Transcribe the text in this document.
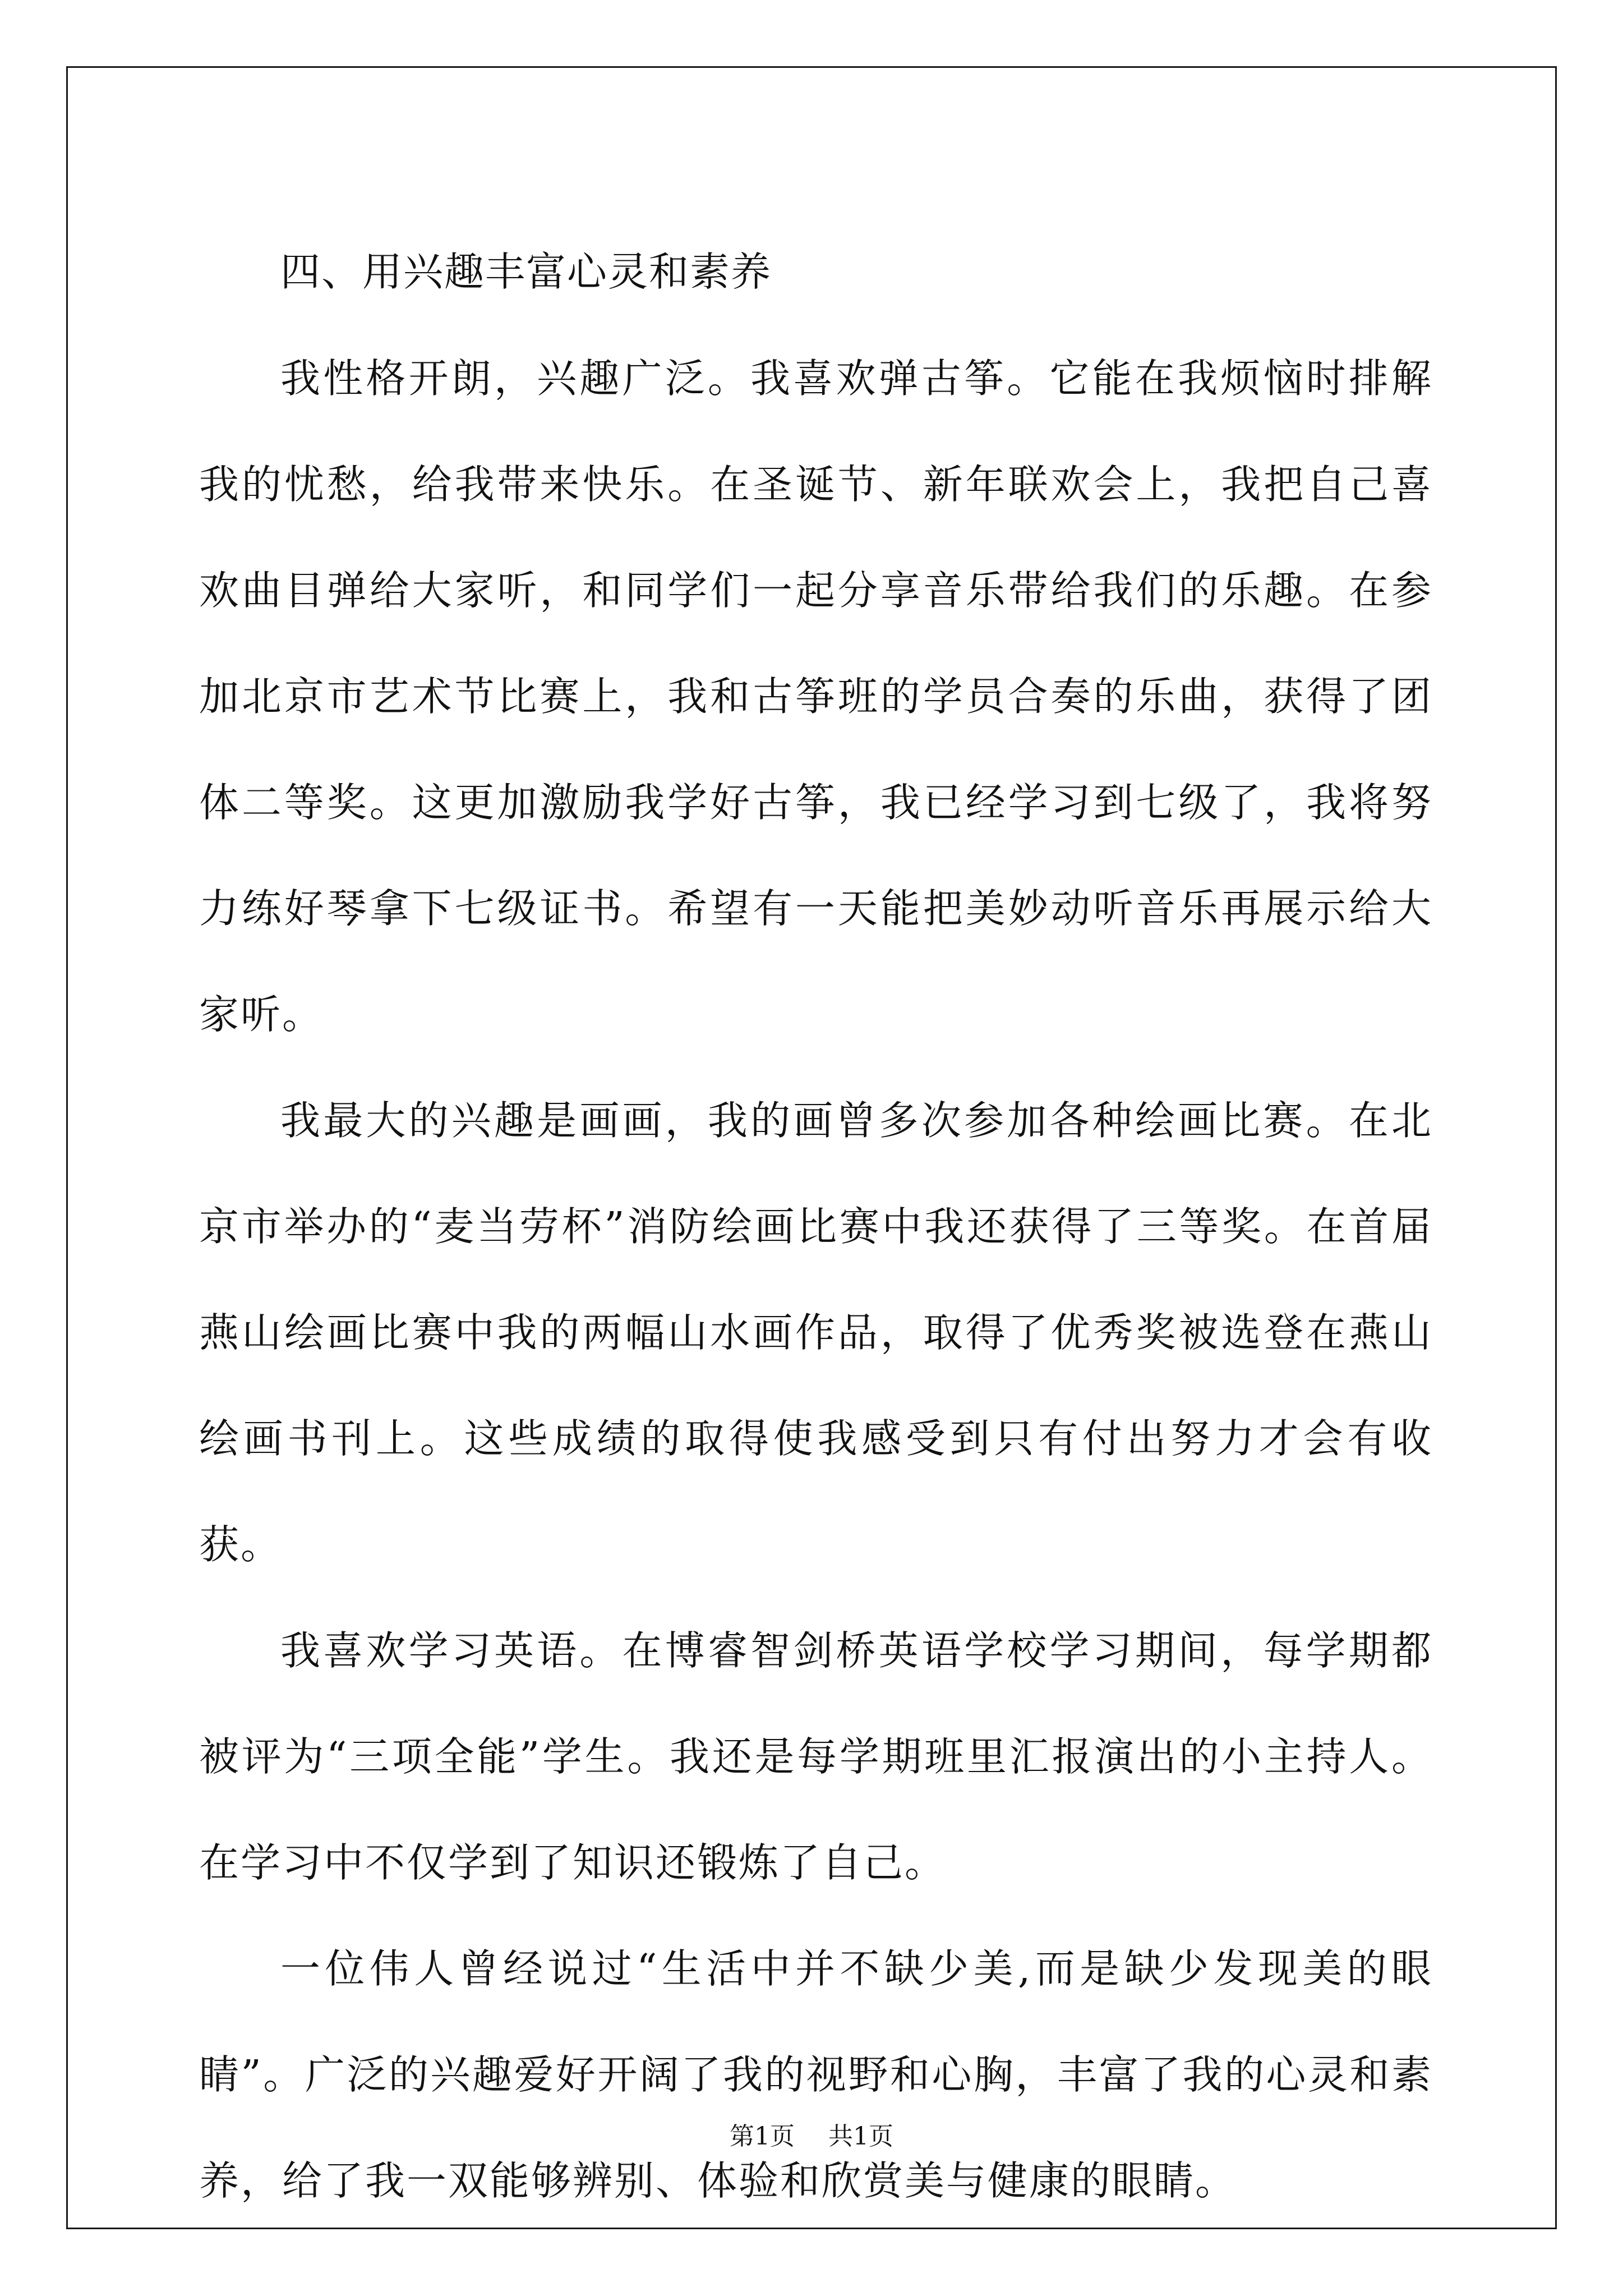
四、用兴趣丰富心灵和素养

我性格开朗，兴趣广泛。我喜欢弹古筝。它能在我烦恼时排解我的忧愁，给我带来快乐。在圣诞节、新年联欢会上，我把自己喜欢曲目弹给大家听，和同学们一起分享音乐带给我们的乐趣。在参加北京市艺术节比赛上，我和古筝班的学员合奏的乐曲，获得了团体二等奖。这更加激励我学好古筝，我已经学习到七级了，我将努力练好琴拿下七级证书。希望有一天能把美妙动听音乐再展示给大家听。

我最大的兴趣是画画，我的画曾多次参加各种绘画比赛。在北京市举办的“麦当劳杯”消防绘画比赛中我还获得了三等奖。在首届燕山绘画比赛中我的两幅山水画作品，取得了优秀奖被选登在燕山绘画书刊上。这些成绩的取得使我感受到只有付出努力才会有收获。

我喜欢学习英语。在博睿智剑桥英语学校学习期间，每学期都被评为“三项全能”学生。我还是每学期班里汇报演出的小主持人。在学习中不仅学到了知识还锻炼了自己。

一位伟人曾经说过“生活中并不缺少美,而是缺少发现美的眼睛”。广泛的兴趣爱好开阔了我的视野和心胸，丰富了我的心灵和素养，给了我一双能够辨别、体验和欣赏美与健康的眼睛。

第1页 共1页
